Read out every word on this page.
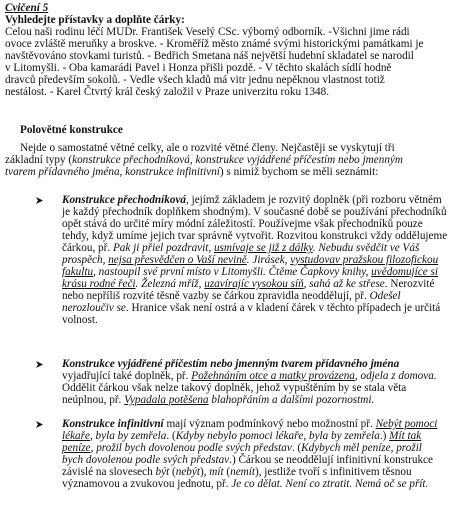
Cvičení 5
Vyhledejte přístavky a doplňte čárky:
Celou naši rodinu léčí MUDr. František Veselý CSc. výborný odborník. -Všichni jime rádi
ovoce zvláště meruňky a broskve. - Kroměříž město známé svými historickými památkami je
navštěvováno stovkami turistů. - Bedřich Smetana náš největší hudební skladatel se narodil
v Litomyšli. - Oba kamarádi Pavel i Honza přišli pozdě. - V těchto skalách sídlí hodně
dravců především sokolů. - Vedle všech kladů má vitr jednu nepěknou vlastnost totiž
nestálost. - Karel Čtvrtý král český založil v Praze univerzitu roku 1348.
Polovětné konstrukce
Nejde o samostatné větné celky, ale o rozvité větné členy. Nejčastěji se vyskytují tři
základní typy (konstrukce přechodníková, konstrukce vyjádřené příčestím nebo jmenným
tvarem přídavného jména, konstrukce infinitivní) s nimiž bychom se měli seznámit:
Konstrukce přechodníková, jejímž základem je rozvitý doplněk (při rozboru větném
je každý přechodník doplňkem shodným). V současné době se používání přechodníků
opět stává do určité míry módní záležitostí. Používejme však přechodníků pouze
tehdy, když umíme jejich tvar správně vytvořit. Rozvitou konstrukci vždy oddělujeme
čárkou, př. Pak ji přiel pozdravit, usmívaje se již z dálky. Nebudu svědčit ve Váš
prospěch, nejsa přesvědčen o Vaší nevině. Jirásek, vystudovav pražskou filozofickou
fakultu, nastoupil své první místo v Litomyšli. Čtěme Čapkovy knihy, uvědomujíce si
krásu rodné řeči. Železná mříž, uzavírajíc vysokou síň, sahá až ke střese. Nerozvité
nebo nepříliš rozvité těsně vazby se čárkou zpravidla neoddělují, př. Odešel
nerozloučiv se. Hranice však není ostrá a v kladení čárek v těchto případech je určitá
volnost.
Konstrukce vyjádřené příčestím nebo jmenným tvarem přídavného jména
vyjadřující také doplněk, př. Požehnáním otce a matky provázena, odjela z domova.
Oddělit čárkou však nelze takový doplněk, jehož vypuštěním by se stala věta
neúplnou, př. Vypadala potěšena blahopřáním a dalšími pozornostmi.
Konstrukce infinitivní mají význam podmínkový nebo možnostní př. Nebýt pomoci
lékaře, byla by zemřela. (Kdyby nebylo pomoci lékaře, byla by zemřela.) Mít tak
peníze, prožil bych dovolenou podle svých představ. (Kdybych měl peníze, prožil
bych dovolenou podle svých představ.) Čárkou se neoddělují infinitivní konstrukce
závislé na slovesech být (nebýt), mít (nemít), jestliže tvoří s infinitivem těsnou
významovou a zvukovou jednotu, př. Je co dělat. Není co ztratit. Nemá oč se přít.
